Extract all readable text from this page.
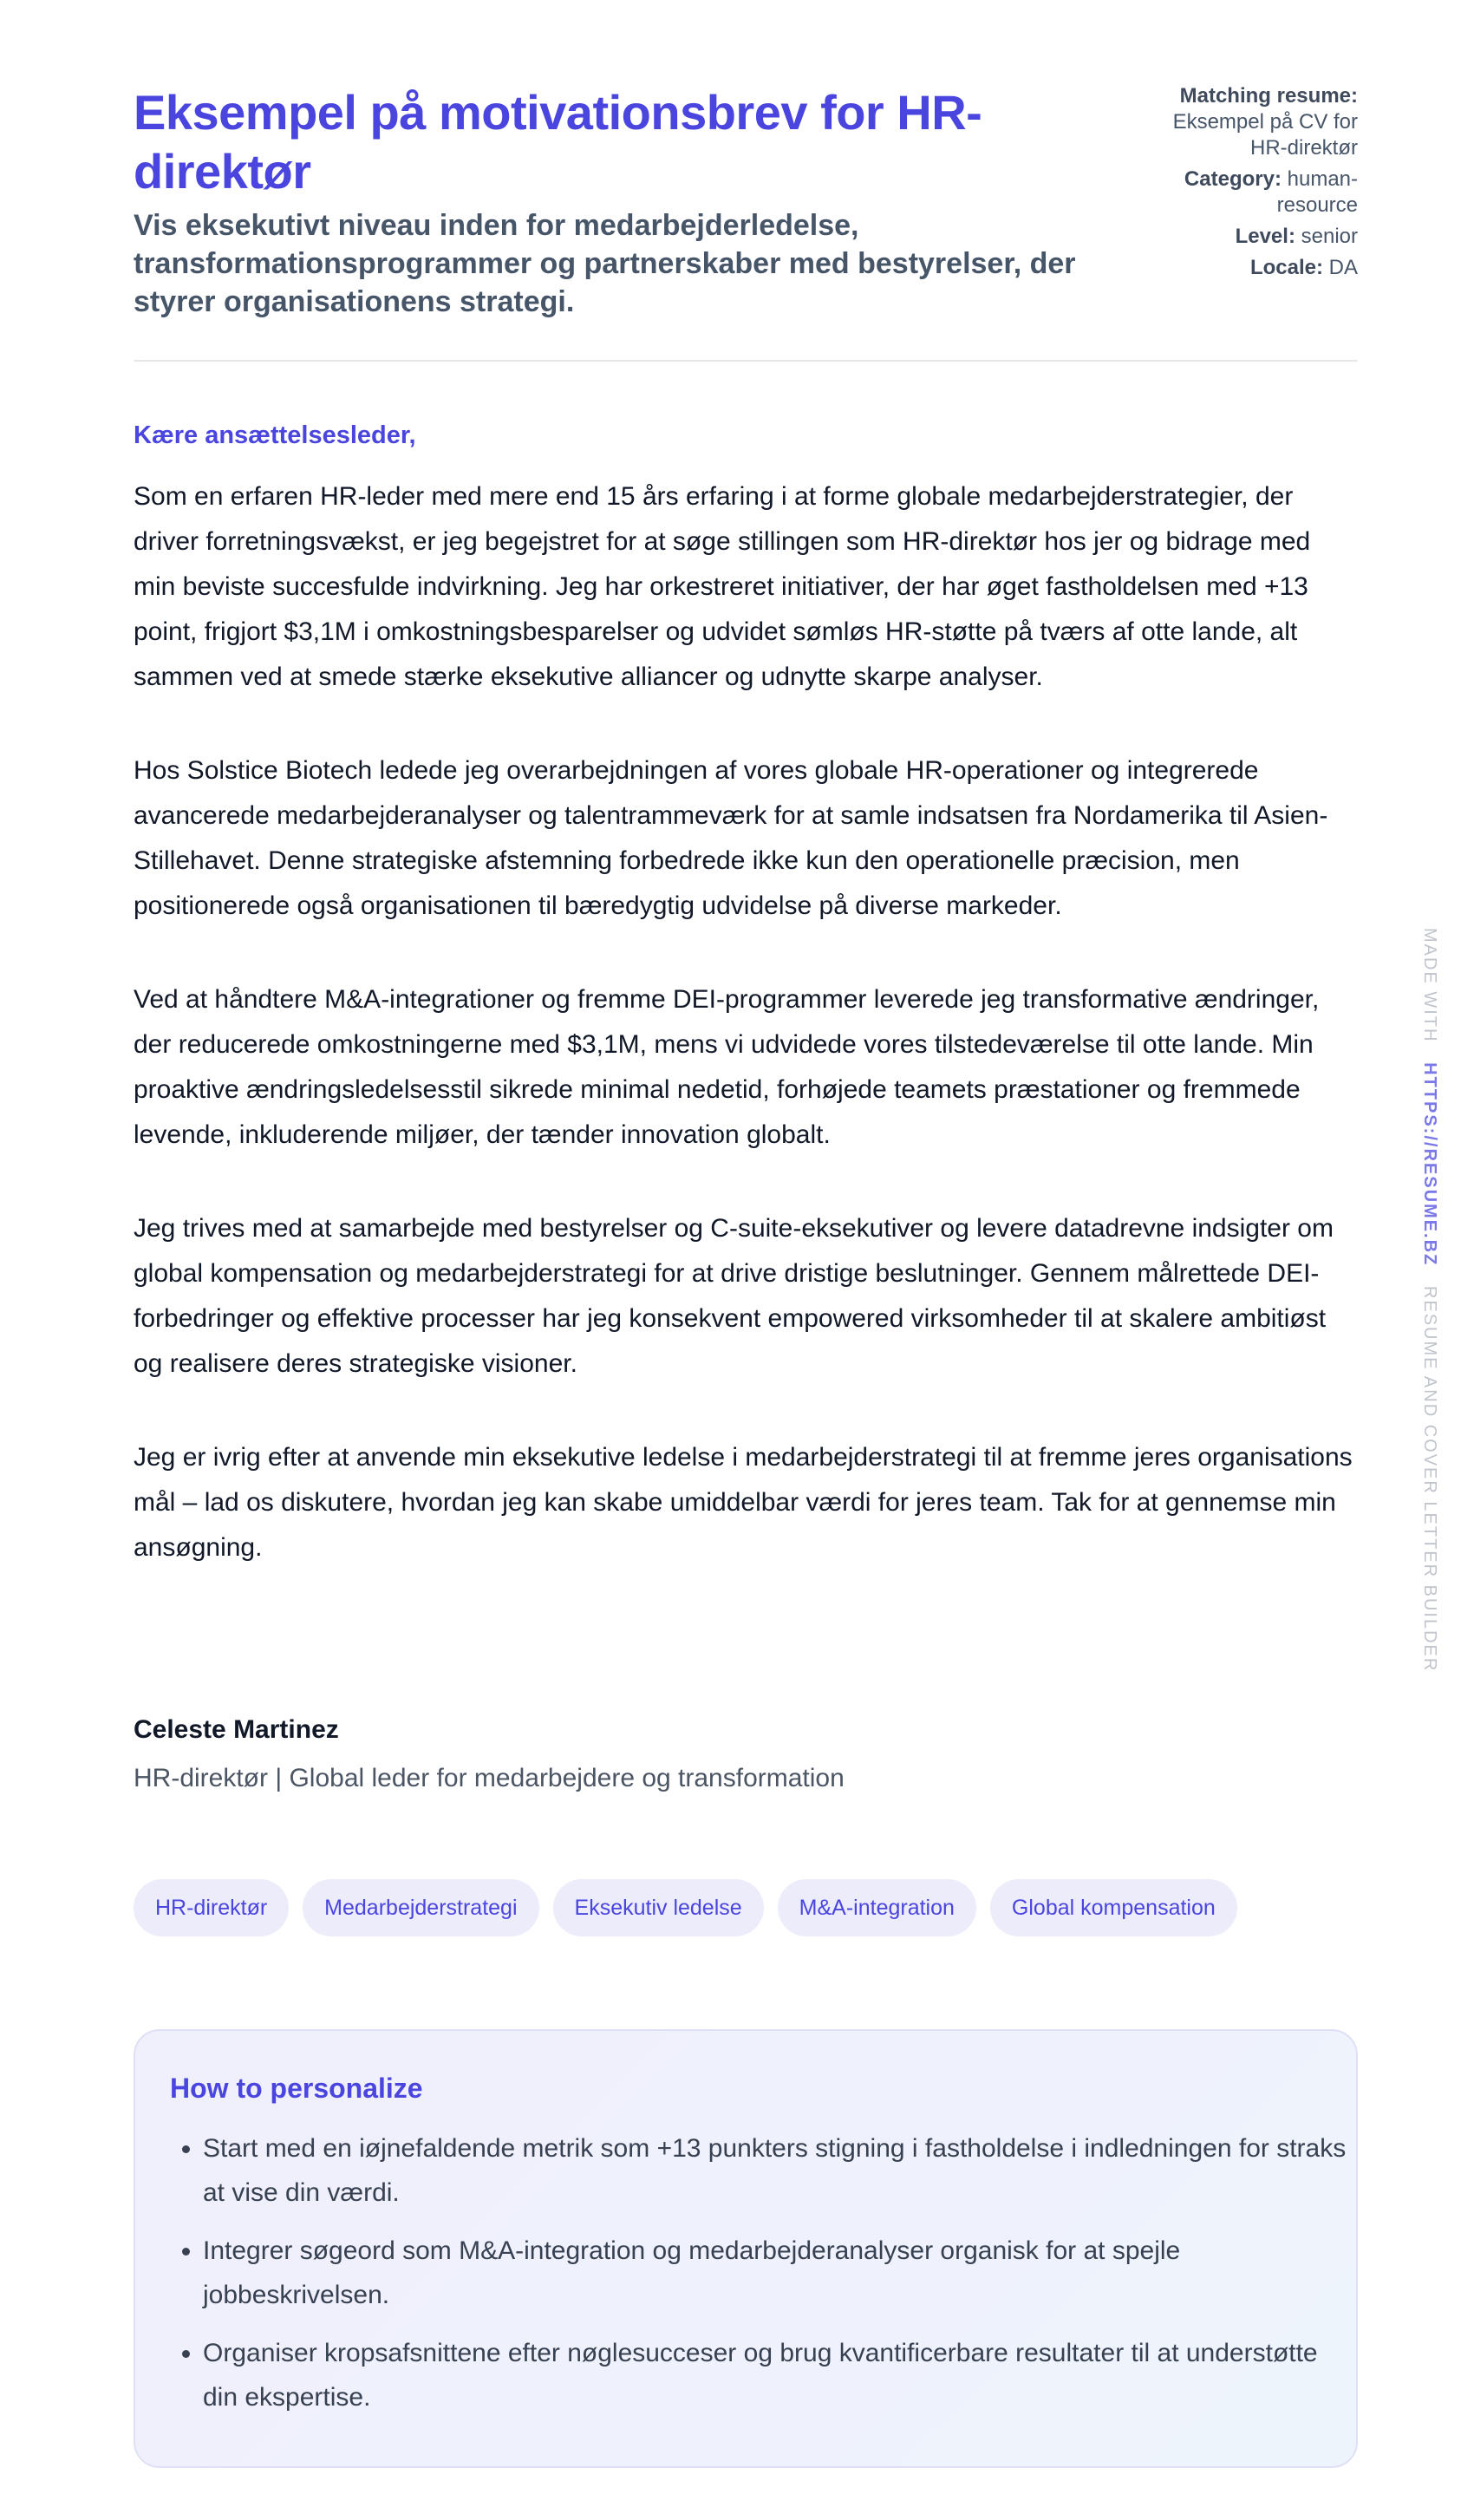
Eksempel på motivationsbrev for HR-direktør
Vis eksekutivt niveau inden for medarbejderledelse, transformationsprogrammer og partnerskaber med bestyrelser, der styrer organisationens strategi.
Matching resume:
Eksempel på CV for HR-direktør
Category: human-resource
Level: senior
Locale: DA
Kære ansættelsesleder,

Som en erfaren HR-leder med mere end 15 års erfaring i at forme globale medarbejderstrategier, der driver forretningsvækst, er jeg begejstret for at søge stillingen som HR-direktør hos jer og bidrage med min beviste succesfulde indvirkning. Jeg har orkestreret initiativer, der har øget fastholdelsen med +13 point, frigjort $3,1M i omkostningsbesparelser og udvidet sømløs HR-støtte på tværs af otte lande, alt sammen ved at smede stærke eksekutive alliancer og udnytte skarpe analyser.

Hos Solstice Biotech ledede jeg overarbejdningen af vores globale HR-operationer og integrerede avancerede medarbejderanalyser og talentrammeværk for at samle indsatsen fra Nordamerika til Asien-Stillehavet. Denne strategiske afstemning forbedrede ikke kun den operationelle præcision, men positionerede også organisationen til bæredygtig udvidelse på diverse markeder.

Ved at håndtere M&A-integrationer og fremme DEI-programmer leverede jeg transformative ændringer, der reducerede omkostningerne med $3,1M, mens vi udvidede vores tilstedeværelse til otte lande. Min proaktive ændringsledelsesstil sikrede minimal nedetid, forhøjede teamets præstationer og fremmede levende, inkluderende miljøer, der tænder innovation globalt.

Jeg trives med at samarbejde med bestyrelser og C-suite-eksekutiver og levere datadrevne indsigter om global kompensation og medarbejderstrategi for at drive dristige beslutninger. Gennem målrettede DEI-forbedringer og effektive processer har jeg konsekvent empowered virksomheder til at skalere ambitiøst og realisere deres strategiske visioner.

Jeg er ivrig efter at anvende min eksekutive ledelse i medarbejderstrategi til at fremme jeres organisations mål – lad os diskutere, hvordan jeg kan skabe umiddelbar værdi for jeres team. Tak for at gennemse min ansøgning.

Celeste Martinez
HR-direktør | Global leder for medarbejdere og transformation
HR-direktør	Medarbejderstrategi	Eksekutiv ledelse	M&A-integration	Global kompensation
How to personalize
• Start med en iøjnefaldende metrik som +13 punkters stigning i fastholdelse i indledningen for straks at vise din værdi.
• Integrer søgeord som M&A-integration og medarbejderanalyser organisk for at spejle jobbeskrivelsen.
• Organiser kropsafsnittene efter nøglesucceser og brug kvantificerbare resultater til at understøtte din ekspertise.
MADE WITH   HTTPS://RESUME.BZ   RESUME AND COVER LETTER BUILDER
